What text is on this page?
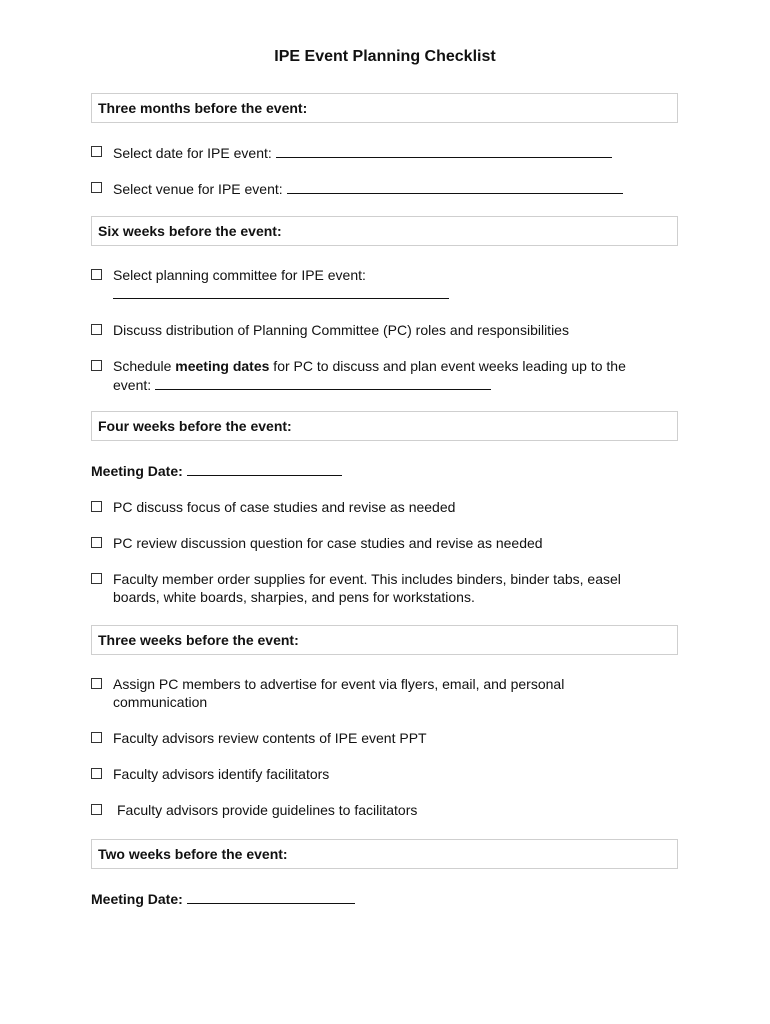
IPE Event Planning Checklist
Three months before the event:
Select date for IPE event:
Select venue for IPE event:
Six weeks before the event:
Select planning committee for IPE event:
Discuss distribution of Planning Committee (PC) roles and responsibilities
Schedule meeting dates for PC to discuss and plan event weeks leading up to the
event:
Four weeks before the event:
Meeting Date:
PC discuss focus of case studies and revise as needed
PC review discussion question for case studies and revise as needed
Faculty member order supplies for event. This includes binders, binder tabs, easel
boards, white boards, sharpies, and pens for workstations.
Three weeks before the event:
Assign PC members to advertise for event via flyers, email, and personal
communication
Faculty advisors review contents of IPE event PPT
Faculty advisors identify facilitators
Faculty advisors provide guidelines to facilitators
Two weeks before the event:
Meeting Date:
